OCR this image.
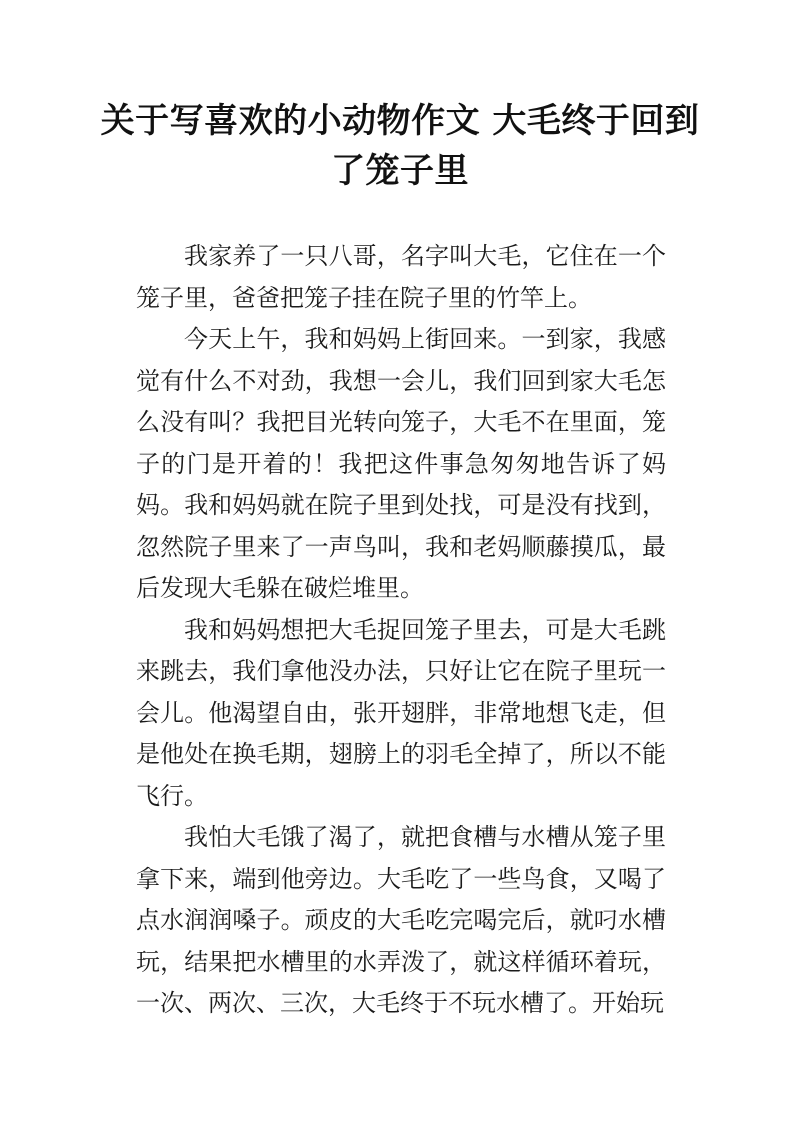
关于写喜欢的小动物作文 大毛终于回到了笼子里

我家养了一只八哥，名字叫大毛，它住在一个笼子里，爸爸把笼子挂在院子里的竹竿上。

今天上午，我和妈妈上街回来。一到家，我感觉有什么不对劲，我想一会儿，我们回到家大毛怎么没有叫？我把目光转向笼子，大毛不在里面，笼子的门是开着的！我把这件事急匆匆地告诉了妈妈。我和妈妈就在院子里到处找，可是没有找到，忽然院子里来了一声鸟叫，我和老妈顺藤摸瓜，最后发现大毛躲在破烂堆里。

我和妈妈想把大毛捉回笼子里去，可是大毛跳来跳去，我们拿他没办法，只好让它在院子里玩一会儿。他渴望自由，张开翅胖，非常地想飞走，但是他处在换毛期，翅膀上的羽毛全掉了，所以不能飞行。

我怕大毛饿了渴了，就把食槽与水槽从笼子里拿下来，端到他旁边。大毛吃了一些鸟食，又喝了点水润润嗓子。顽皮的大毛吃完喝完后，就叼水槽玩，结果把水槽里的水弄泼了，就这样循环着玩，一次、两次、三次，大毛终于不玩水槽了。开始玩
